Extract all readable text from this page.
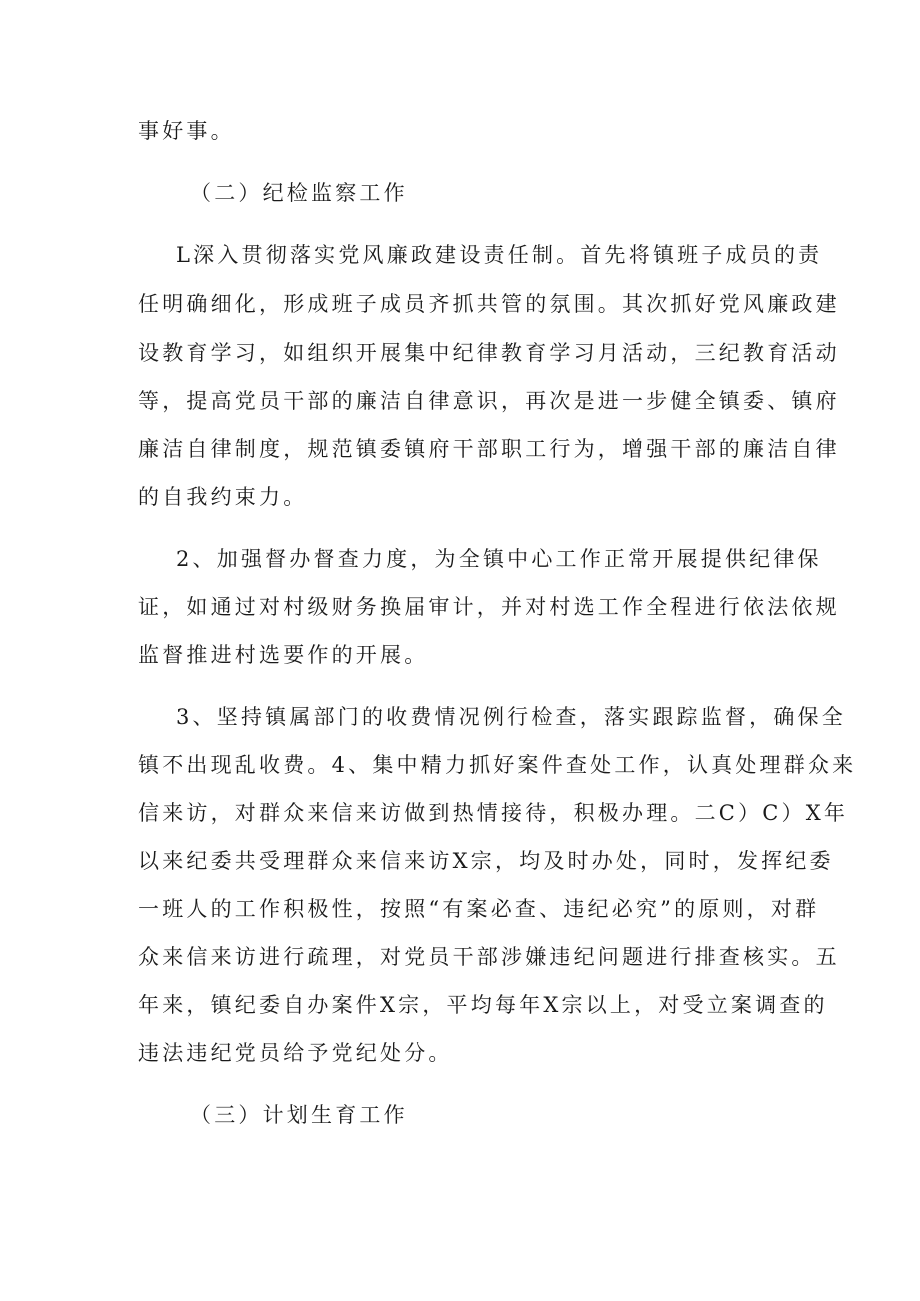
事好事。
（二）纪检监察工作
L深入贯彻落实党风廉政建设责任制。首先将镇班子成员的责
任明确细化，形成班子成员齐抓共管的氛围。其次抓好党风廉政建
设教育学习，如组织开展集中纪律教育学习月活动，三纪教育活动
等，提高党员干部的廉洁自律意识，再次是进一步健全镇委、镇府
廉洁自律制度，规范镇委镇府干部职工行为，增强干部的廉洁自律
的自我约束力。
2、加强督办督查力度，为全镇中心工作正常开展提供纪律保
证，如通过对村级财务换届审计，并对村选工作全程进行依法依规
监督推进村选要作的开展。
3、坚持镇属部门的收费情况例行检查，落实跟踪监督，确保全
镇不出现乱收费。4、集中精力抓好案件查处工作，认真处理群众来
信来访，对群众来信来访做到热情接待，积极办理。二C）C）X年
以来纪委共受理群众来信来访X宗，均及时办处，同时，发挥纪委
一班人的工作积极性，按照“有案必查、违纪必究”的原则，对群
众来信来访进行疏理，对党员干部涉嫌违纪问题进行排查核实。五
年来，镇纪委自办案件X宗，平均每年X宗以上，对受立案调查的
违法违纪党员给予党纪处分。
（三）计划生育工作
